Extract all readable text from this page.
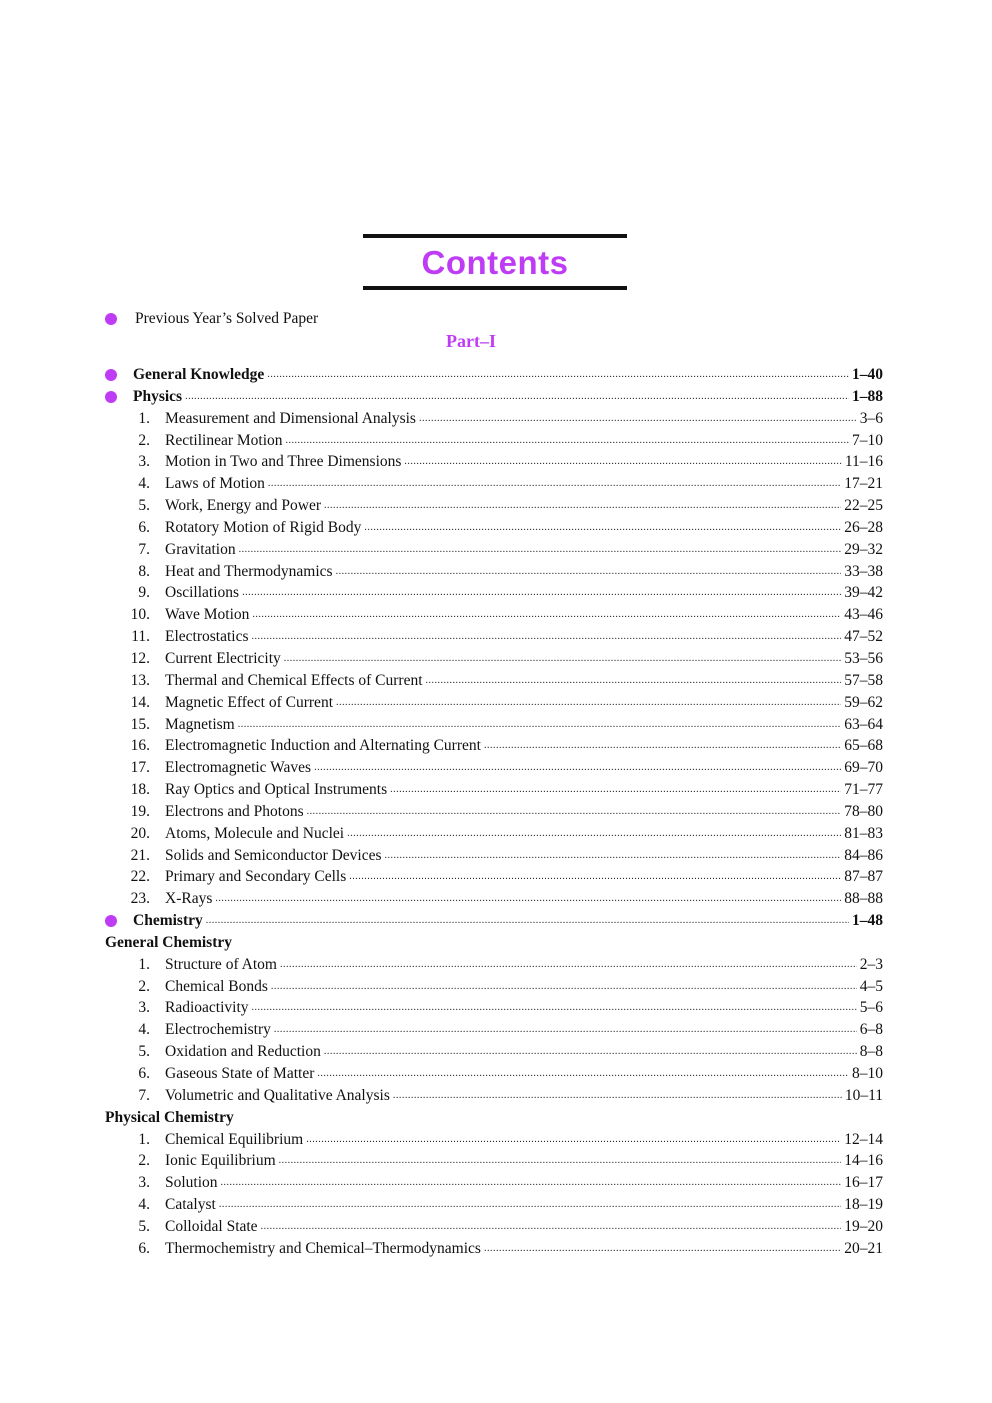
Contents
Previous Year’s Solved Paper
Part–I
General Knowledge .....	1–40
Physics .....	1–88
1. Measurement and Dimensional Analysis .....	3–6
2. Rectilinear Motion .....	7–10
3. Motion in Two and Three Dimensions .....	11–16
4. Laws of Motion .....	17–21
5. Work, Energy and Power .....	22–25
6. Rotatory Motion of Rigid Body .....	26–28
7. Gravitation .....	29–32
8. Heat and Thermodynamics .....	33–38
9. Oscillations .....	39–42
10. Wave Motion .....	43–46
11. Electrostatics .....	47–52
12. Current Electricity .....	53–56
13. Thermal and Chemical Effects of Current .....	57–58
14. Magnetic Effect of Current .....	59–62
15. Magnetism .....	63–64
16. Electromagnetic Induction and Alternating Current .....	65–68
17. Electromagnetic Waves .....	69–70
18. Ray Optics and Optical Instruments .....	71–77
19. Electrons and Photons .....	78–80
20. Atoms, Molecule and Nuclei .....	81–83
21. Solids and Semiconductor Devices .....	84–86
22. Primary and Secondary Cells .....	87–87
23. X-Rays .....	88–88
Chemistry .....	1–48
General Chemistry
1. Structure of Atom .....	2–3
2. Chemical Bonds .....	4–5
3. Radioactivity .....	5–6
4. Electrochemistry .....	6–8
5. Oxidation and Reduction .....	8–8
6. Gaseous State of Matter .....	8–10
7. Volumetric and Qualitative Analysis .....	10–11
Physical Chemistry
1. Chemical Equilibrium .....	12–14
2. Ionic Equilibrium .....	14–16
3. Solution .....	16–17
4. Catalyst .....	18–19
5. Colloidal State .....	19–20
6. Thermochemistry and Chemical–Thermodynamics .....	20–21
